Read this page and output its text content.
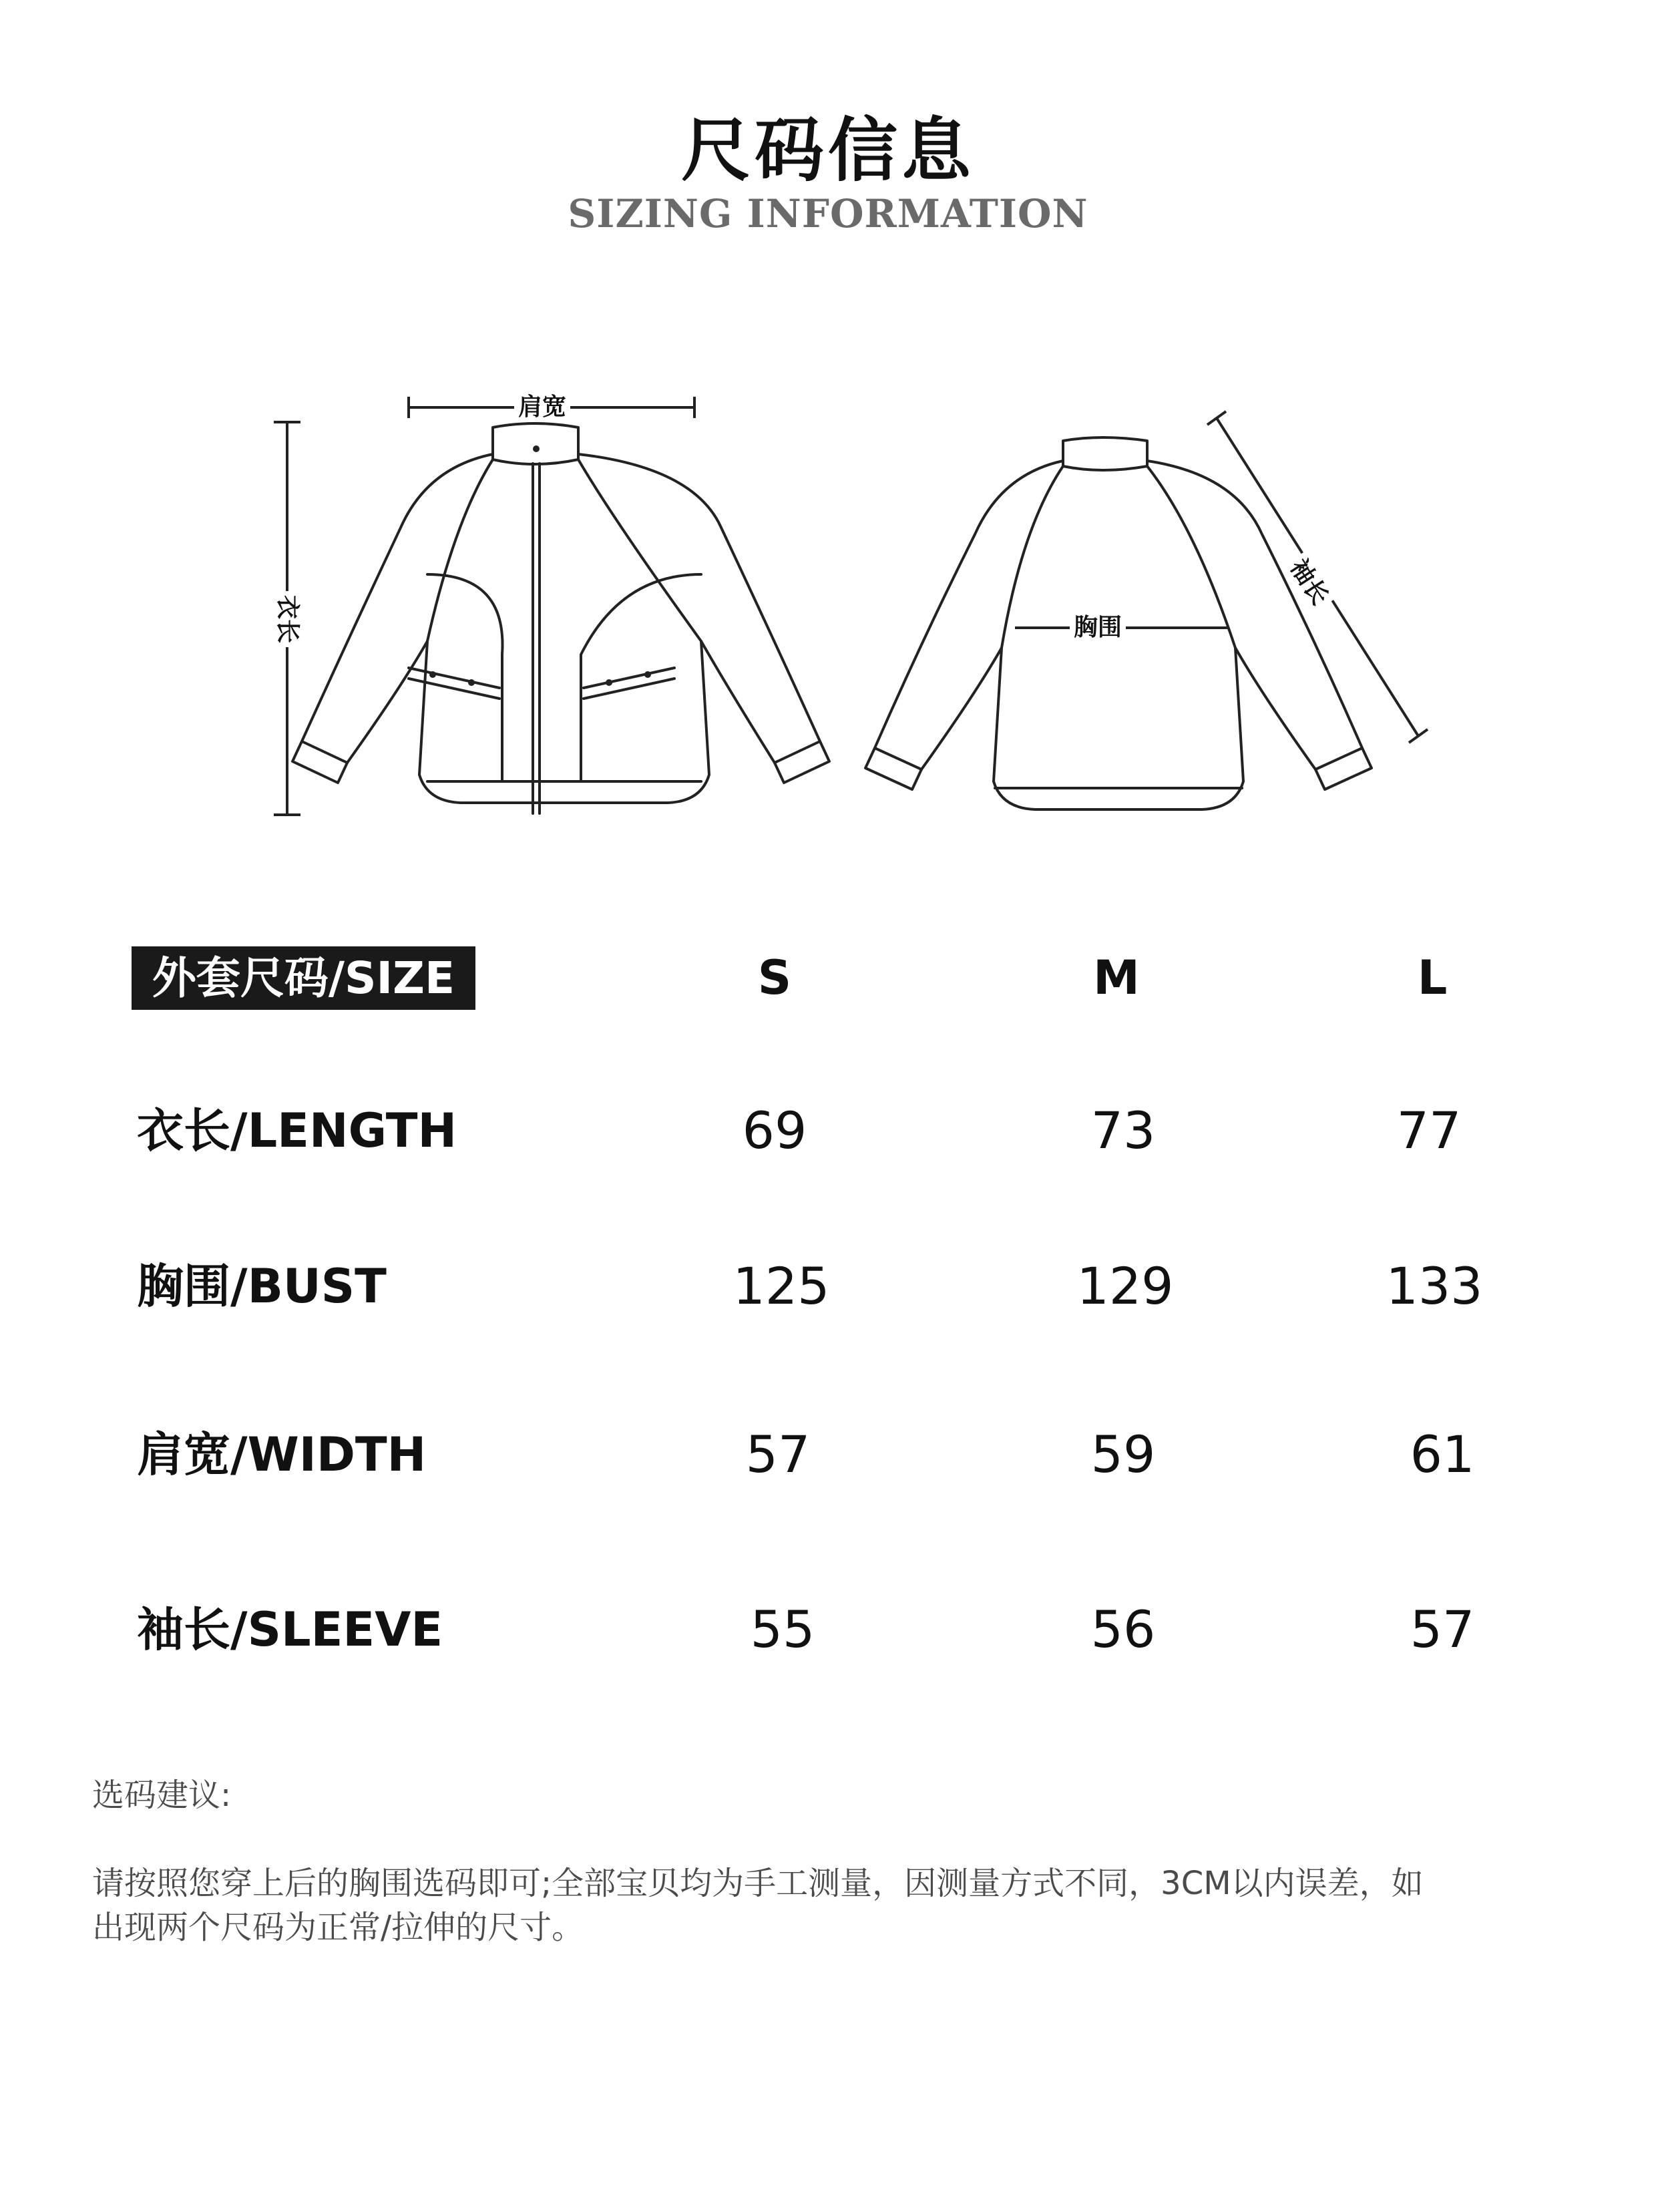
尺码信息
SIZING INFORMATION
肩宽
衣长	胸围
袖长
外套尺码/SIZE	S	M	L
衣长/LENGTH	69	73	77
胸围/BUST	125	129	133
肩宽/WIDTH	57	59	61
袖长/SLEEVE	55	56	57
选码建议:
请按照您穿上后的胸围选码即可;全部宝贝均为手工测量，因测量方式不同，3CM以内误差，如
出现两个尺码为正常/拉伸的尺寸。
